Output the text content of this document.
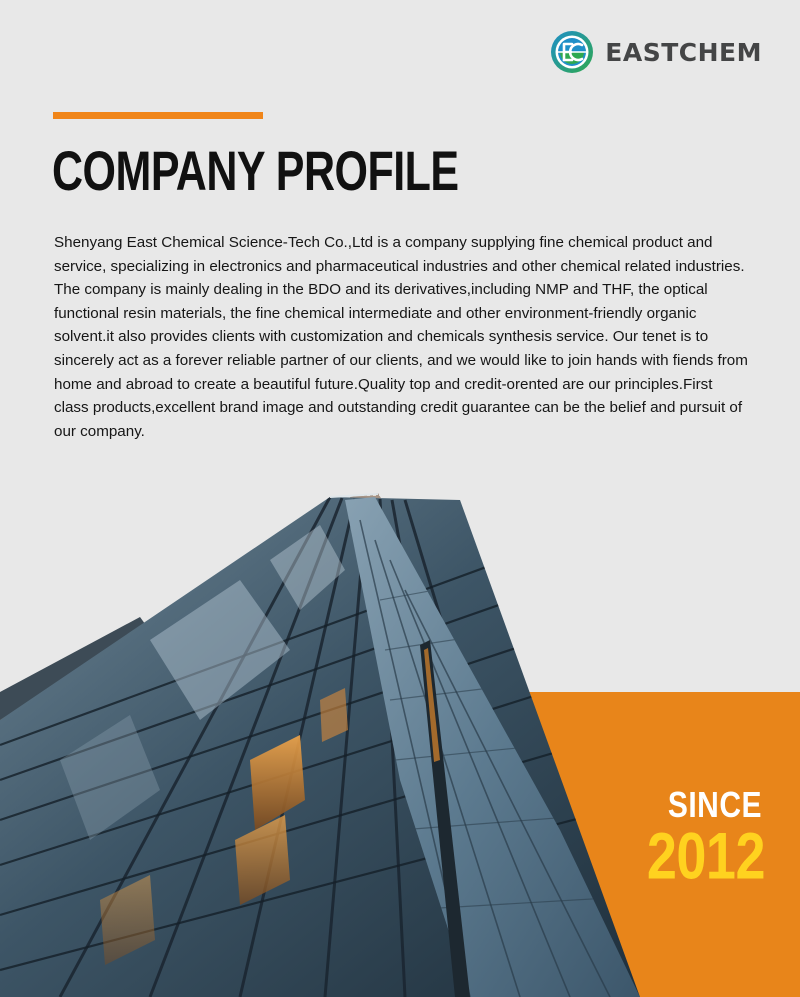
EASTCHEM
COMPANY PROFILE

Shenyang East Chemical Science-Tech Co.,Ltd is a company supplying fine chemical product and service, specializing in electronics and pharmaceutical industries and other chemical related industries. The company is mainly dealing in the BDO and its derivatives,including NMP and THF, the optical functional resin materials, the fine chemical intermediate and other environment-friendly organic solvent.it also provides clients with customization and chemicals synthesis service. Our tenet is to sincerely act as a forever reliable partner of our clients, and we would like to join hands with fiends from home and abroad to create a beautiful future.Quality top and credit-orented are our principles.First class products,excellent brand image and outstanding credit guarantee can be the belief and pursuit of our company.

SINCE
2012
